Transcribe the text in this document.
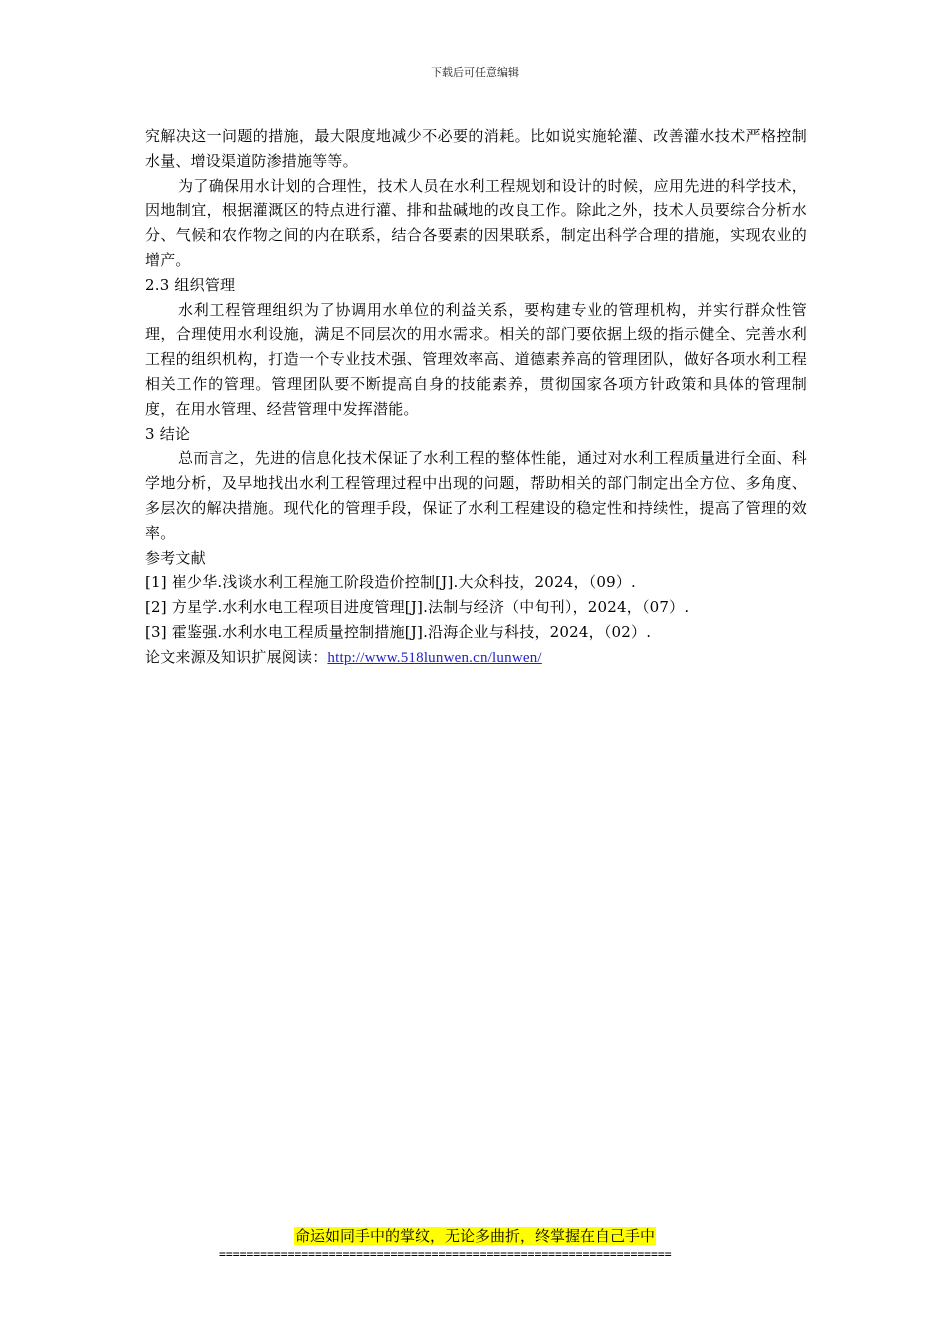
下载后可任意编辑

究解决这一问题的措施，最大限度地减少不必要的消耗。比如说实施轮灌、改善灌水技术严格控制水量、增设渠道防渗措施等等。

为了确保用水计划的合理性，技术人员在水利工程规划和设计的时候，应用先进的科学技术，因地制宜，根据灌溉区的特点进行灌、排和盐碱地的改良工作。除此之外，技术人员要综合分析水分、气候和农作物之间的内在联系，结合各要素的因果联系，制定出科学合理的措施，实现农业的增产。

2.3 组织管理

水利工程管理组织为了协调用水单位的利益关系，要构建专业的管理机构，并实行群众性管理，合理使用水利设施，满足不同层次的用水需求。相关的部门要依据上级的指示健全、完善水利工程的组织机构，打造一个专业技术强、管理效率高、道德素养高的管理团队，做好各项水利工程相关工作的管理。管理团队要不断提高自身的技能素养，贯彻国家各项方针政策和具体的管理制度，在用水管理、经营管理中发挥潜能。

3 结论

总而言之，先进的信息化技术保证了水利工程的整体性能，通过对水利工程质量进行全面、科学地分析，及早地找出水利工程管理过程中出现的问题，帮助相关的部门制定出全方位、多角度、多层次的解决措施。现代化的管理手段，保证了水利工程建设的稳定性和持续性，提高了管理的效率。

参考文献

[1] 崔少华.浅谈水利工程施工阶段造价控制[J].大众科技，2024，（09）.

[2] 方星学.水利水电工程项目进度管理[J].法制与经济（中旬刊），2024，（07）.

[3] 霍鉴强.水利水电工程质量控制措施[J].沿海企业与科技，2024，（02）.

论文来源及知识扩展阅读：http://www.518lunwen.cn/lunwen/

命运如同手中的掌纹，无论多曲折，终掌握在自己手中
==================================================================
